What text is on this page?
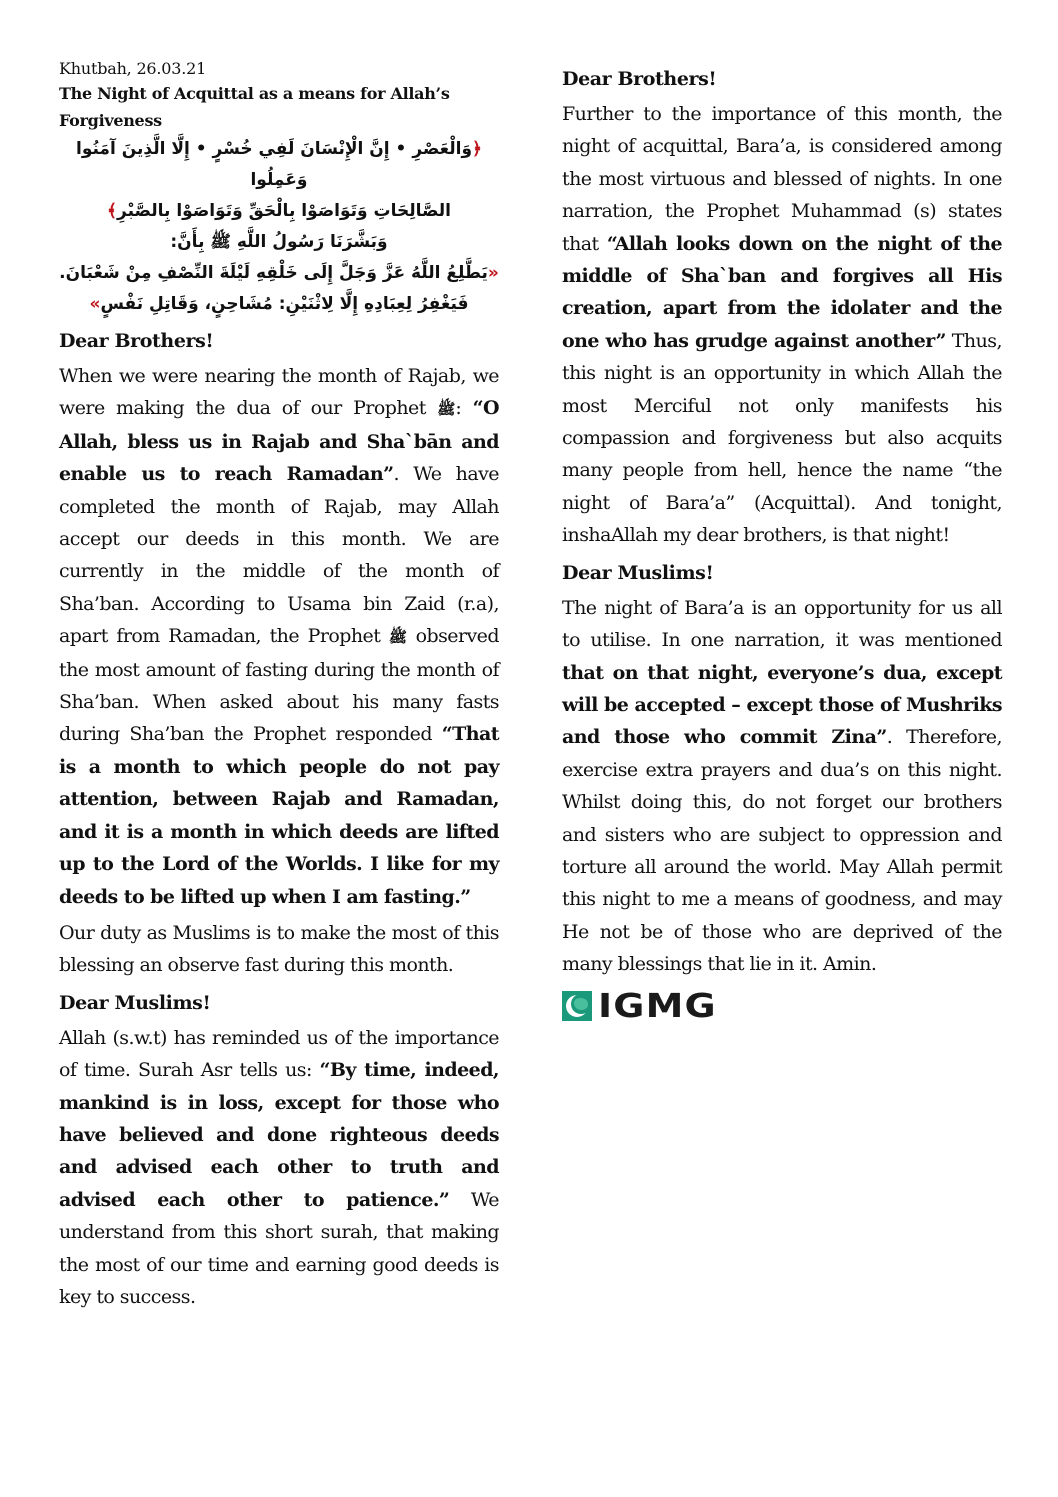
Khutbah, 26.03.21

The Night of Acquittal as a means for Allah’s Forgiveness

﴿وَالْعَصْرِ • إِنَّ الْإِنْسَانَ لَفِي خُسْرٍ • إِلَّا الَّذِينَ آمَنُوا وَعَمِلُوا

الصَّالِحَاتِ وَتَوَاصَوْا بِالْحَقِّ وَتَوَاصَوْا بِالصَّبْرِ﴾

وَبَشَّرَنَا رَسُولُ اللَّهِ ﷺ بِأَنَّ:

«يَطَّلِعُ اللَّهُ عَزَّ وَجَلَّ إِلَى خَلْقِهِ لَيْلَةَ النِّصْفِ مِنْ شَعْبَانَ.

فَيَغْفِرُ لِعِبَادِهِ إِلَّا لِاثْنَيْنِ: مُشَاحِنٍ، وَقَاتِلِ نَفْسٍ»

Dear Brothers!

When we were nearing the month of Rajab, we were making the dua of our Prophet ﷺ: “O Allah, bless us in Rajab and Sha`bān and enable us to reach Ramadan”. We have completed the month of Rajab, may Allah accept our deeds in this month. We are currently in the middle of the month of Sha’ban. According to Usama bin Zaid (r.a), apart from Ramadan, the Prophet ﷺ observed the most amount of fasting during the month of Sha’ban. When asked about his many fasts during Sha’ban the Prophet responded “That is a month to which people do not pay attention, between Rajab and Ramadan, and it is a month in which deeds are lifted up to the Lord of the Worlds. I like for my deeds to be lifted up when I am fasting.”

Our duty as Muslims is to make the most of this blessing an observe fast during this month.

Dear Muslims!

Allah (s.w.t) has reminded us of the importance of time. Surah Asr tells us: “By time, indeed, mankind is in loss, except for those who have believed and done righteous deeds and advised each other to truth and advised each other to patience.” We understand from this short surah, that making the most of our time and earning good deeds is key to success.

Dear Brothers!

Further to the importance of this month, the night of acquittal, Bara’a, is considered among the most virtuous and blessed of nights. In one narration, the Prophet Muhammad (s) states that “Allah looks down on the night of the middle of Sha`ban and forgives all His creation, apart from the idolater and the one who has grudge against another” Thus, this night is an opportunity in which Allah the most Merciful not only manifests his compassion and forgiveness but also acquits many people from hell, hence the name “the night of Bara’a” (Acquittal). And tonight, inshaAllah my dear brothers, is that night!

Dear Muslims!

The night of Bara’a is an opportunity for us all to utilise. In one narration, it was mentioned that on that night, everyone’s dua, except will be accepted – except those of Mushriks and those who commit Zina”. Therefore, exercise extra prayers and dua’s on this night. Whilst doing this, do not forget our brothers and sisters who are subject to oppression and torture all around the world. May Allah permit this night to me a means of goodness, and may He not be of those who are deprived of the many blessings that lie in it. Amin.

IGMG
